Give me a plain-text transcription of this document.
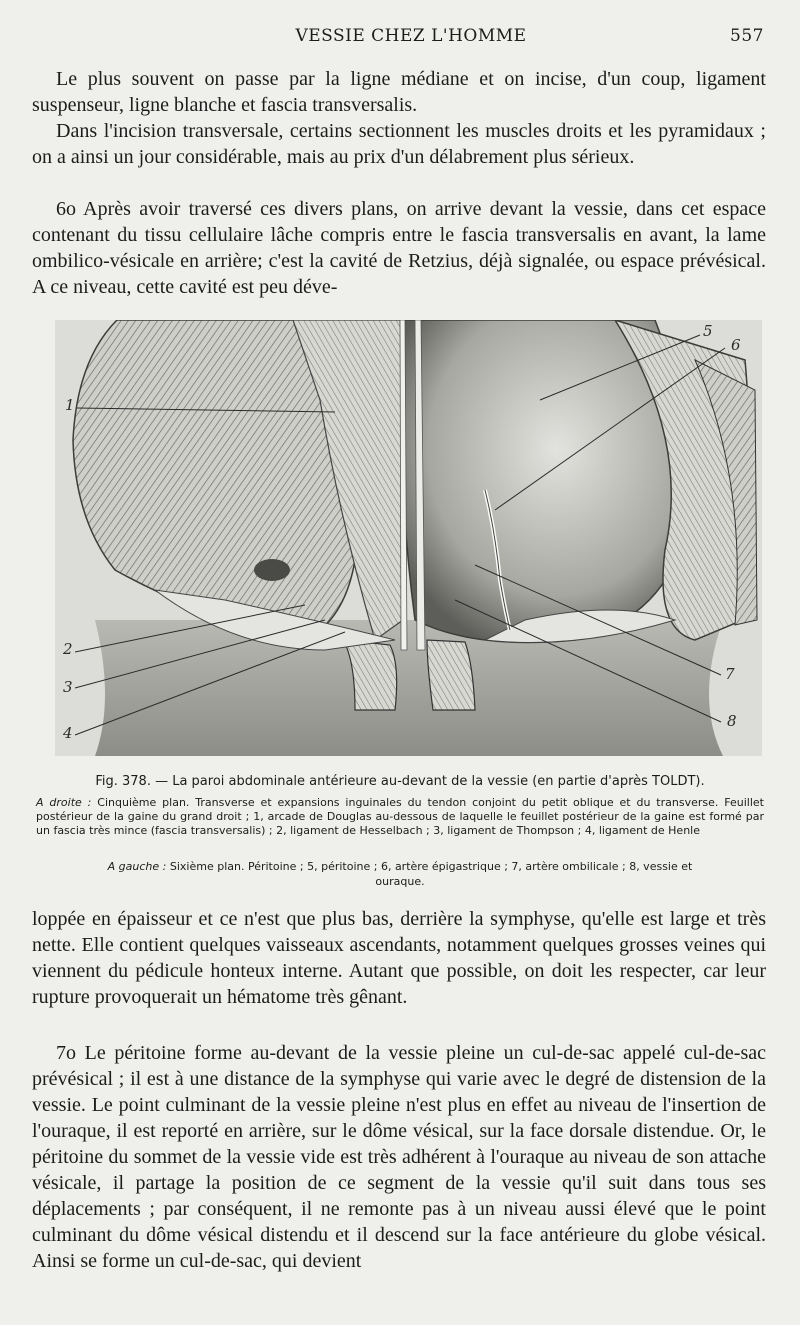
VESSIE CHEZ L'HOMME	557

Le plus souvent on passe par la ligne médiane et on incise, d'un coup, ligament suspenseur, ligne blanche et fascia transversalis.

Dans l'incision transversale, certains sectionnent les muscles droits et les pyramidaux ; on a ainsi un jour considérable, mais au prix d'un délabrement plus sérieux.

6o Après avoir traversé ces divers plans, on arrive devant la vessie, dans cet espace contenant du tissu cellulaire lâche compris entre le fascia transversalis en avant, la lame ombilico-vésicale en arrière; c'est la cavité de Retzius, déjà signalée, ou espace prévésical. A ce niveau, cette cavité est peu déve-

1
2
3
4
5
6
7
8
Fig. 378. — La paroi abdominale antérieure au-devant de la vessie (en partie d'après TOLDT).
A droite : Cinquième plan. Transverse et expansions inguinales du tendon conjoint du petit oblique et du transverse. Feuillet postérieur de la gaine du grand droit ; 1, arcade de Douglas au-dessous de laquelle le feuillet postérieur de la gaine est formé par un fascia très mince (fascia transversalis) ; 2, ligament de Hesselbach ; 3, ligament de Thompson ; 4, ligament de Henle
A gauche : Sixième plan. Péritoine ; 5, péritoine ; 6, artère épigastrique ; 7, artère ombilicale ; 8, vessie et ouraque.

loppée en épaisseur et ce n'est que plus bas, derrière la symphyse, qu'elle est large et très nette. Elle contient quelques vaisseaux ascendants, notamment quelques grosses veines qui viennent du pédicule honteux interne. Autant que possible, on doit les respecter, car leur rupture provoquerait un hématome très gênant.

7o Le péritoine forme au-devant de la vessie pleine un cul-de-sac appelé cul-de-sac prévésical ; il est à une distance de la symphyse qui varie avec le degré de distension de la vessie. Le point culminant de la vessie pleine n'est plus en effet au niveau de l'insertion de l'ouraque, il est reporté en arrière, sur le dôme vésical, sur la face dorsale distendue. Or, le péritoine du sommet de la vessie vide est très adhérent à l'ouraque au niveau de son attache vésicale, il partage la position de ce segment de la vessie qu'il suit dans tous ses déplacements ; par conséquent, il ne remonte pas à un niveau aussi élevé que le point culminant du dôme vésical distendu et il descend sur la face antérieure du globe vésical. Ainsi se forme un cul-de-sac, qui devient
